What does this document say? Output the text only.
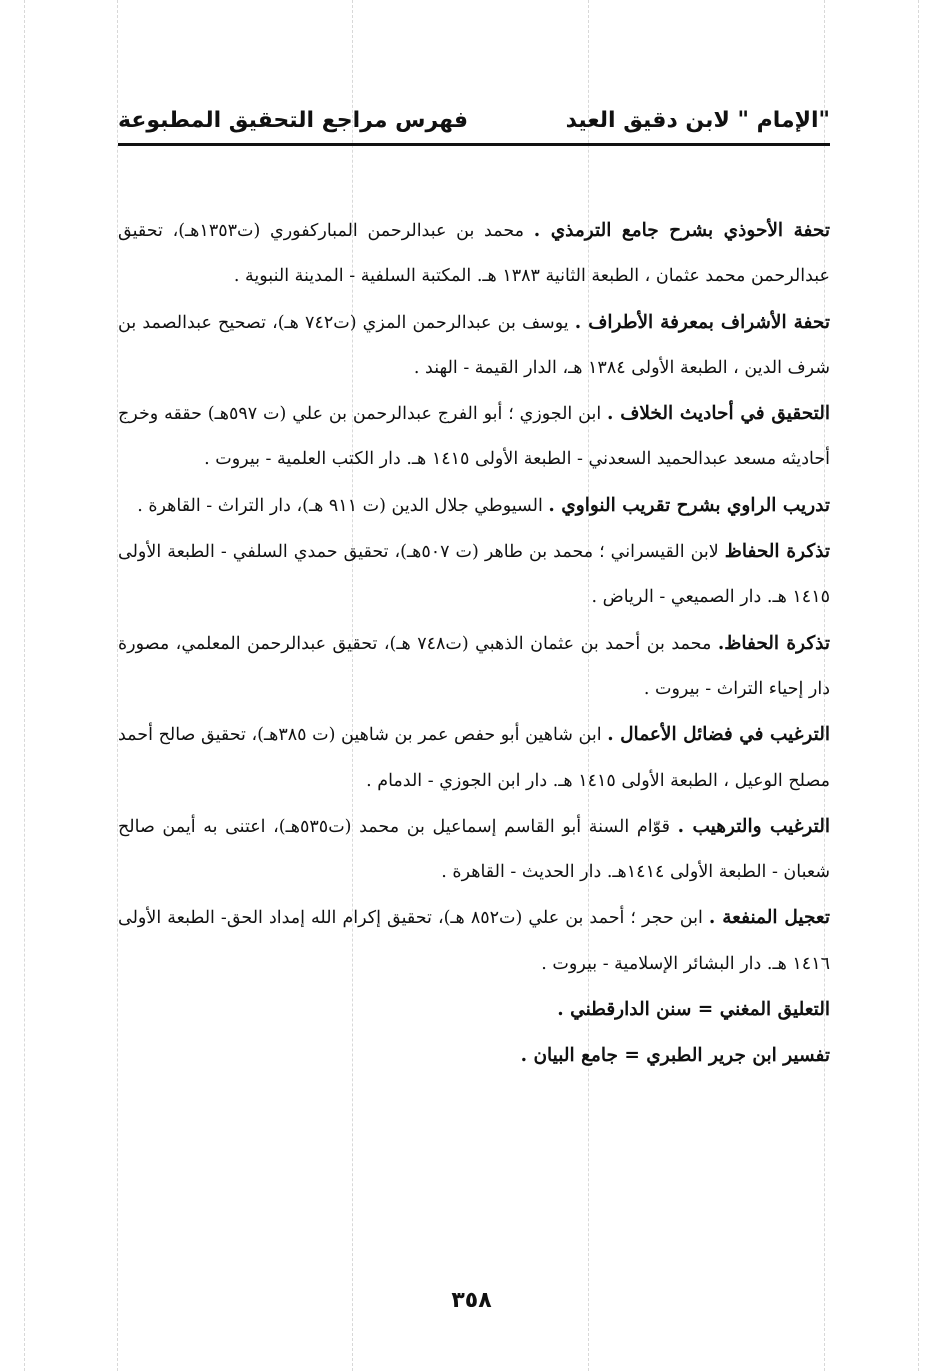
"الإمام " لابن دقيق العيد
فهرس مراجع التحقيق المطبوعة

تحفة الأحوذي بشرح جامع الترمذي . محمد بن عبدالرحمن المباركفوري (ت١٣٥٣هـ)، تحقيق عبدالرحمن محمد عثمان ، الطبعة الثانية ١٣٨٣ هـ. المكتبة السلفية - المدينة النبوية .

تحفة الأشراف بمعرفة الأطراف . يوسف بن عبدالرحمن المزي (ت٧٤٢ هـ)، تصحيح عبدالصمد بن شرف الدين ، الطبعة الأولى ١٣٨٤ هـ، الدار القيمة - الهند .

التحقيق في أحاديث الخلاف . ابن الجوزي ؛ أبو الفرج عبدالرحمن بن علي (ت ٥٩٧هـ) حققه وخرج أحاديثه مسعد عبدالحميد السعدني - الطبعة الأولى ١٤١٥ هـ. دار الكتب العلمية - بيروت .

تدريب الراوي بشرح تقريب النواوي . السيوطي جلال الدين (ت ٩١١ هـ)، دار التراث - القاهرة .

تذكرة الحفاظ لابن القيسراني ؛ محمد بن طاهر (ت ٥٠٧هـ)، تحقيق حمدي السلفي - الطبعة الأولى ١٤١٥ هـ. دار الصميعي - الرياض .

تذكرة الحفاظ. محمد بن أحمد بن عثمان الذهبي (ت٧٤٨ هـ)، تحقيق عبدالرحمن المعلمي، مصورة دار إحياء التراث - بيروت .

الترغيب في فضائل الأعمال . ابن شاهين أبو حفص عمر بن شاهين (ت ٣٨٥هـ)، تحقيق صالح أحمد مصلح الوعيل ، الطبعة الأولى ١٤١٥ هـ. دار ابن الجوزي - الدمام .

الترغيب والترهيب . قوّام السنة أبو القاسم إسماعيل بن محمد (ت٥٣٥هـ)، اعتنى به أيمن صالح شعبان - الطبعة الأولى ١٤١٤هـ. دار الحديث - القاهرة .

تعجيل المنفعة . ابن حجر ؛ أحمد بن علي (ت٨٥٢ هـ)، تحقيق إكرام الله إمداد الحق- الطبعة الأولى ١٤١٦ هـ. دار البشائر الإسلامية - بيروت .

التعليق المغني = سنن الدارقطني .

تفسير ابن جرير الطبري = جامع البيان .

٣٥٨
